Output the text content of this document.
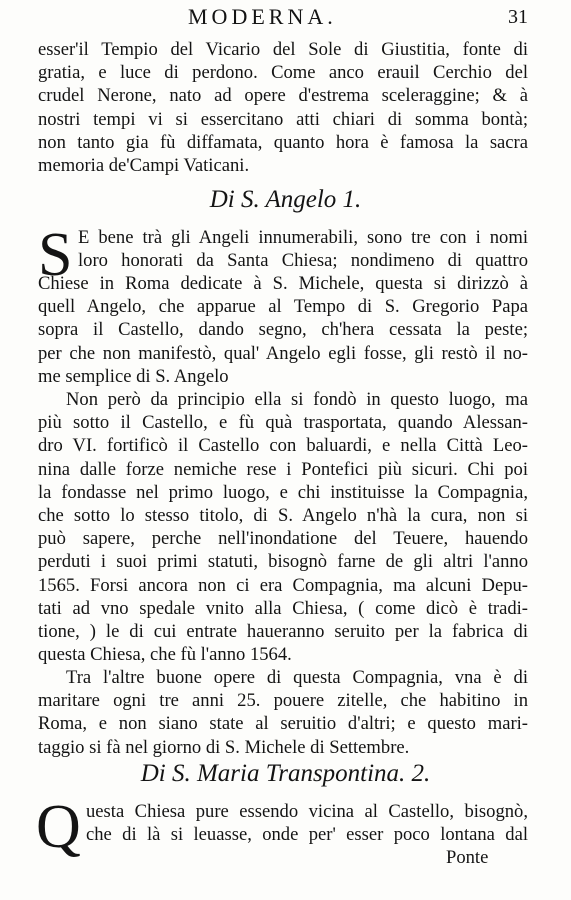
MODERNA.	31
esser'il Tempio del Vicario del Sole di Giustitia, fonte di
gratia, e luce di perdono. Come anco erauil Cerchio del
crudel Nerone, nato ad opere d'estrema sceleraggine; & à
nostri tempi vi si essercitano atti chiari di somma bontà;
non tanto gia fù diffamata, quanto hora è famosa la sacra
memoria de'Campi Vaticani.
Di S. Angelo 1.
S E bene trà gli Angeli innumerabili, sono tre con i nomi
loro honorati da Santa Chiesa; nondimeno di quattro
Chiese in Roma dedicate à S. Michele, questa si dirizzò à
quell Angelo, che apparue al Tempo di S. Gregorio Papa
sopra il Castello, dando segno, ch'hera cessata la peste;
per che non manifestò, qual' Angelo egli fosse, gli restò il no-
me semplice di S. Angelo
Non però da principio ella si fondò in questo luogo, ma
più sotto il Castello, e fù quà trasportata, quando Alessan-
dro VI. fortificò il Castello con baluardi, e nella Città Leo-
nina dalle forze nemiche rese i Pontefici più sicuri. Chi poi
la fondasse nel primo luogo, e chi instituisse la Compagnia,
che sotto lo stesso titolo, di S. Angelo n'hà la cura, non si
può sapere, perche nell'inondatione del Teuere, hauendo
perduti i suoi primi statuti, bisognò farne de gli altri l'anno
1565. Forsi ancora non ci era Compagnia, ma alcuni Depu-
tati ad vno spedale vnito alla Chiesa, ( come dicò è tradi-
tione, ) le di cui entrate haueranno seruito per la fabrica di
questa Chiesa, che fù l'anno 1564.
Tra l'altre buone opere di questa Compagnia, vna è di
maritare ogni tre anni 25. pouere zitelle, che habitino in
Roma, e non siano state al seruitio d'altri; e questo mari-
taggio si fà nel giorno di S. Michele di Settembre.
Di S. Maria Transpontina. 2.
Q uesta Chiesa pure essendo vicina al Castello, bisognò,
che di là si leuasse, onde per' esser poco lontana dal
Ponte
